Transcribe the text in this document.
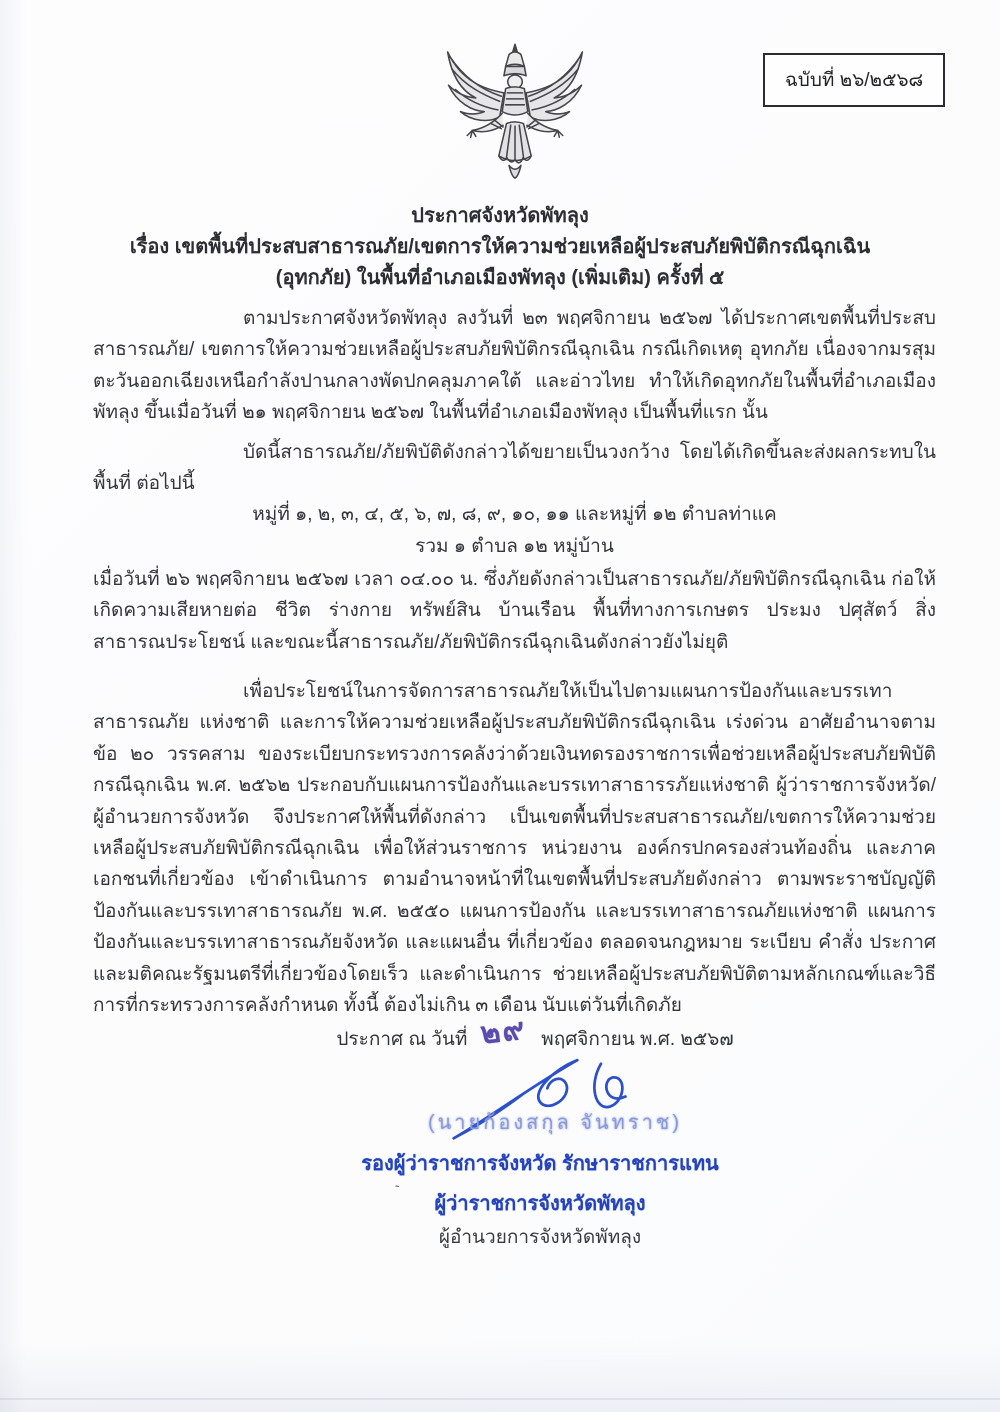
ฉบับที่ ๒๖/๒๕๖๘
ประกาศจังหวัดพัทลุง
เรื่อง เขตพื้นที่ประสบสาธารณภัย/เขตการให้ความช่วยเหลือผู้ประสบภัยพิบัติกรณีฉุกเฉิน
(อุทกภัย) ในพื้นที่อำเภอเมืองพัทลุง (เพิ่มเติม) ครั้งที่ ๕
ตามประกาศจังหวัดพัทลุง ลงวันที่ ๒๓ พฤศจิกายน ๒๕๖๗ ได้ประกาศเขตพื้นที่ประสบสาธารณภัย/ เขตการให้ความช่วยเหลือผู้ประสบภัยพิบัติกรณีฉุกเฉิน กรณีเกิดเหตุ อุทกภัย เนื่องจากมรสุม ตะวันออกเฉียงเหนือกำลังปานกลางพัดปกคลุมภาคใต้ และอ่าวไทย ทำให้เกิดอุทกภัยในพื้นที่อำเภอเมืองพัทลุง ขึ้นเมื่อวันที่ ๒๑ พฤศจิกายน ๒๕๖๗ ในพื้นที่อำเภอเมืองพัทลุง เป็นพื้นที่แรก นั้น
บัดนี้สาธารณภัย/ภัยพิบัติดังกล่าวได้ขยายเป็นวงกว้าง โดยได้เกิดขึ้นละส่งผลกระทบในพื้นที่ ต่อไปนี้
หมู่ที่ ๑, ๒, ๓, ๔, ๕, ๖, ๗, ๘, ๙, ๑๐, ๑๑ และหมู่ที่ ๑๒ ตำบลท่าแค
รวม ๑ ตำบล ๑๒ หมู่บ้าน
เมื่อวันที่ ๒๖ พฤศจิกายน ๒๕๖๗ เวลา ๐๔.๐๐ น. ซึ่งภัยดังกล่าวเป็นสาธารณภัย/ภัยพิบัติกรณีฉุกเฉิน ก่อให้เกิดความเสียหายต่อ ชีวิต ร่างกาย ทรัพย์สิน บ้านเรือน พื้นที่ทางการเกษตร ประมง ปศุสัตว์ สิ่งสาธารณประโยชน์ และขณะนี้สาธารณภัย/ภัยพิบัติกรณีฉุกเฉินดังกล่าวยังไม่ยุติ
เพื่อประโยชน์ในการจัดการสาธารณภัยให้เป็นไปตามแผนการป้องกันและบรรเทาสาธารณภัย แห่งชาติ และการให้ความช่วยเหลือผู้ประสบภัยพิบัติกรณีฉุกเฉิน เร่งด่วน อาศัยอำนาจตาม ข้อ ๒๐ วรรคสาม ของระเบียบกระทรวงการคลังว่าด้วยเงินทดรองราชการเพื่อช่วยเหลือผู้ประสบภัยพิบัติกรณีฉุกเฉิน พ.ศ. ๒๕๖๒ ประกอบกับแผนการป้องกันและบรรเทาสาธารรภัยแห่งชาติ ผู้ว่าราชการจังหวัด/ผู้อำนวยการจังหวัด จึงประกาศให้พื้นที่ดังกล่าว เป็นเขตพื้นที่ประสบสาธารณภัย/เขตการให้ความช่วยเหลือผู้ประสบภัยพิบัติกรณีฉุกเฉิน เพื่อให้ส่วนราชการ หน่วยงาน องค์กรปกครองส่วนท้องถิ่น และภาคเอกชนที่เกี่ยวข้อง เข้าดำเนินการ ตามอำนาจหน้าที่ในเขตพื้นที่ประสบภัยดังกล่าว ตามพระราชบัญญัติป้องกันและบรรเทาสาธารณภัย พ.ศ. ๒๕๕๐ แผนการป้องกัน และบรรเทาสาธารณภัยแห่งชาติ แผนการป้องกันและบรรเทาสาธารณภัยจังหวัด และแผนอื่น ที่เกี่ยวข้อง ตลอดจนกฎหมาย ระเบียบ คำสั่ง ประกาศ และมติคณะรัฐมนตรีที่เกี่ยวข้องโดยเร็ว และดำเนินการ ช่วยเหลือผู้ประสบภัยพิบัติตามหลักเกณฑ์และวิธีการที่กระทรวงการคลังกำหนด ทั้งนี้ ต้องไม่เกิน ๓ เดือน นับแต่วันที่เกิดภัย
ประกาศ ณ วันที่ ๒๙ พฤศจิกายน พ.ศ. ๒๕๖๗
(นายก้องสกุล จันทราช)
รองผู้ว่าราชการจังหวัด รักษาราชการแทน
ผู้ว่าราชการจังหวัดพัทลุง
ผู้อำนวยการจังหวัดพัทลุง
`
